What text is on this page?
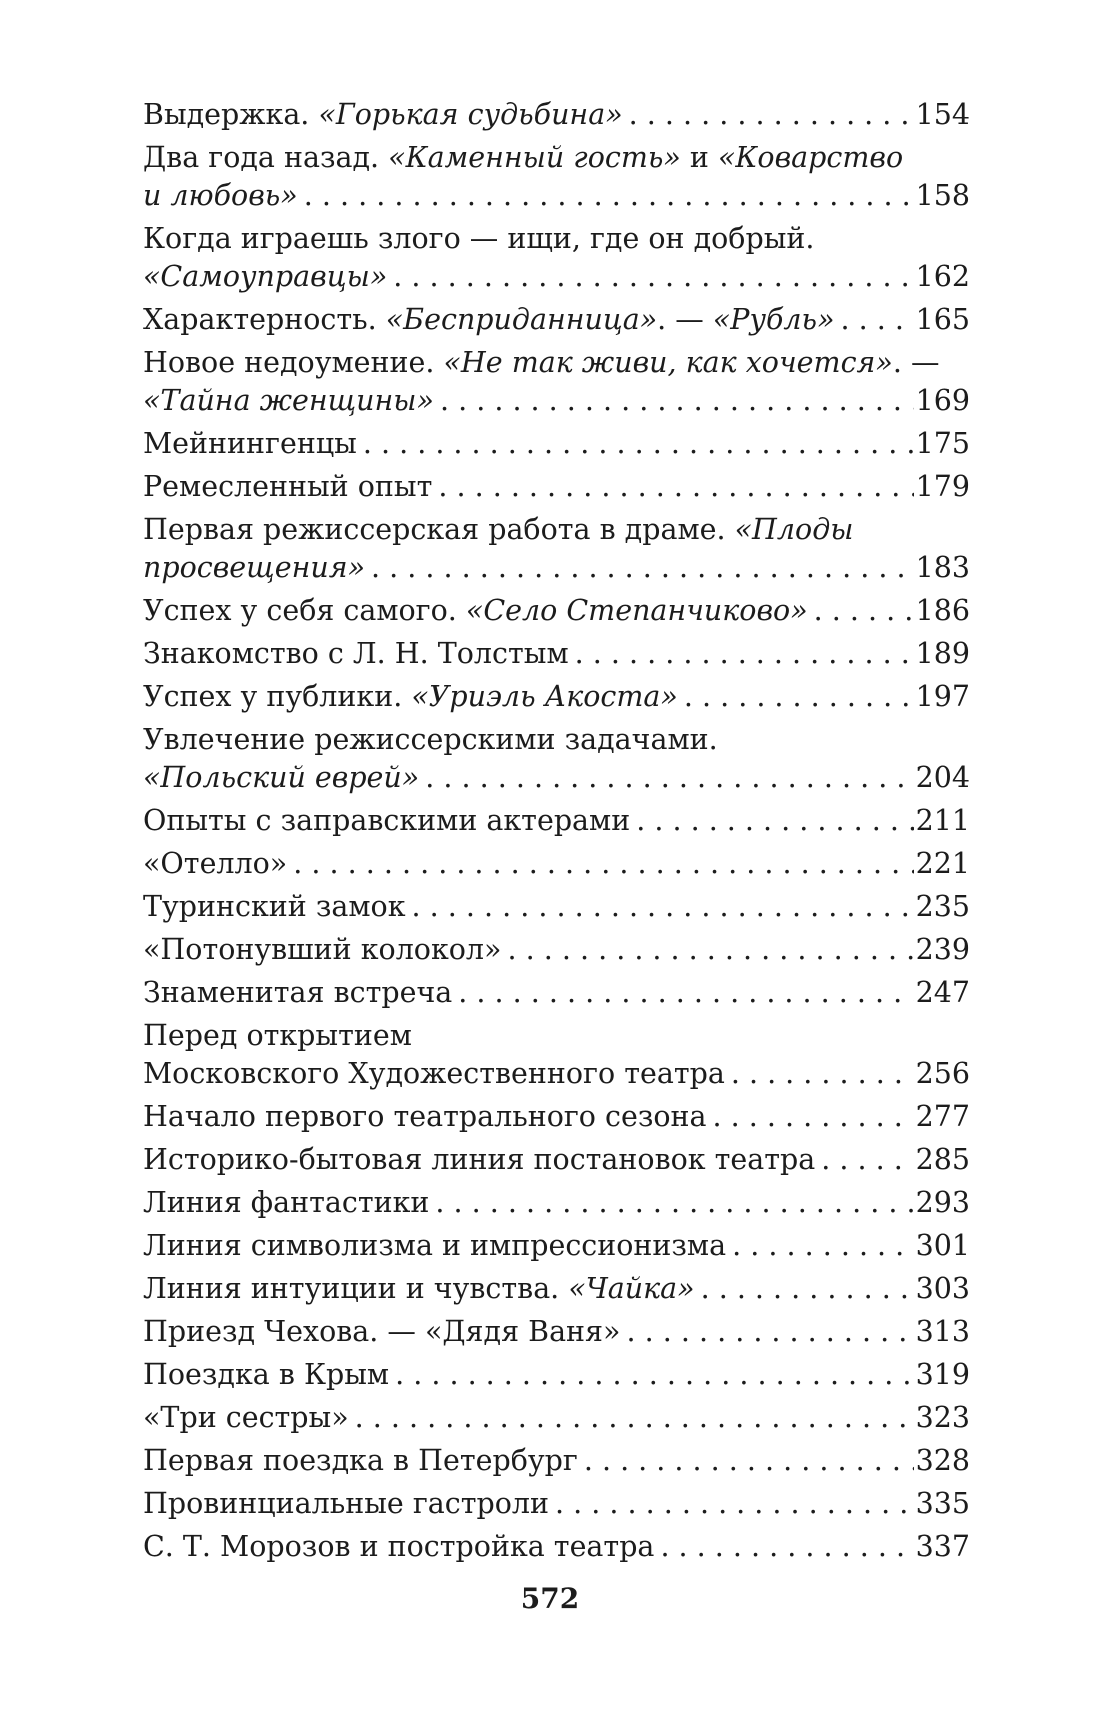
Выдержка. «Горькая судьбина» . . .	154
Два года назад. «Каменный гость» и «Коварство
и любовь» . . .	158
Когда играешь злого — ищи, где он добрый.
«Самоуправцы» . . .	162
Характерность. «Бесприданница». — «Рубль» . . .	165
Новое недоумение. «Не так живи, как хочется». —
«Тайна женщины» . . .	169
Мейнингенцы . . .	175
Ремесленный опыт . . .	179
Первая режиссерская работа в драме. «Плоды
просвещения» . . .	183
Успех у себя самого. «Село Степанчиково» . . .	186
Знакомство с Л. Н. Толстым . . .	189
Успех у публики. «Уриэль Акоста» . . .	197
Увлечение режиссерскими задачами.
«Польский еврей» . . .	204
Опыты с заправскими актерами . . .	211
«Отелло» . . .	221
Туринский замок . . .	235
«Потонувший колокол» . . .	239
Знаменитая встреча . . .	247
Перед открытием
Московского Художественного театра . . .	256
Начало первого театрального сезона . . .	277
Историко-бытовая линия постановок театра . . .	285
Линия фантастики . . .	293
Линия символизма и импрессионизма . . .	301
Линия интуиции и чувства. «Чайка» . . .	303
Приезд Чехова. — «Дядя Ваня» . . .	313
Поездка в Крым . . .	319
«Три сестры» . . .	323
Первая поездка в Петербург . . .	328
Провинциальные гастроли . . .	335
С. Т. Морозов и постройка театра . . .	337
572
